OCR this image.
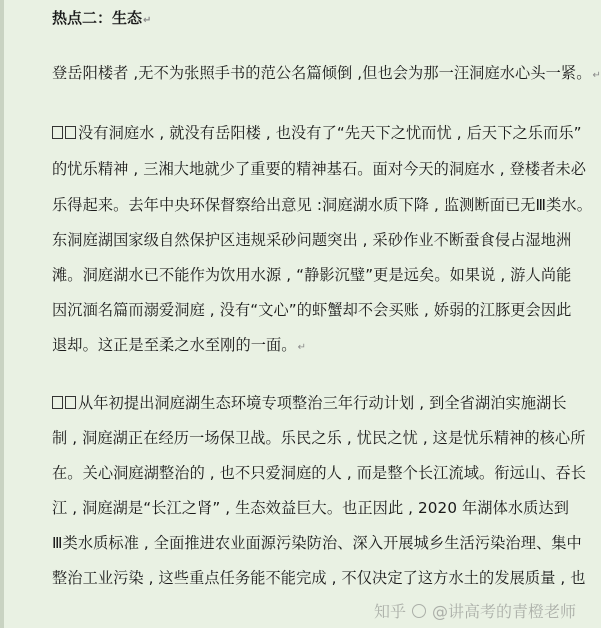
热点二：生态↵
登岳阳楼者 ,无不为张照手书的范公名篇倾倒 ,但也会为那一汪洞庭水心头一紧。↵
没有洞庭水 , 就没有岳阳楼 , 也没有了“先天下之忧而忧 , 后天下之乐而乐”
的忧乐精神 , 三湘大地就少了重要的精神基石。面对今天的洞庭水 , 登楼者未必
乐得起来。去年中央环保督察给出意见 :洞庭湖水质下降 , 监测断面已无Ⅲ类水。
东洞庭湖国家级自然保护区违规采砂问题突出 , 采砂作业不断蚕食侵占湿地洲
滩。洞庭湖水已不能作为饮用水源 , “静影沉璧”更是远矣。如果说 , 游人尚能
因沉湎名篇而溺爱洞庭 , 没有“文心”的虾蟹却不会买账 , 娇弱的江豚更会因此
退却。这正是至柔之水至刚的一面。↵
从年初提出洞庭湖生态环境专项整治三年行动计划 , 到全省湖泊实施湖长
制 , 洞庭湖正在经历一场保卫战。乐民之乐 , 忧民之忧 , 这是忧乐精神的核心所
在。关心洞庭湖整治的 , 也不只爱洞庭的人 , 而是整个长江流域。衔远山、吞长
江 , 洞庭湖是“长江之肾” , 生态效益巨大。也正因此 , 2020 年湖体水质达到
Ⅲ类水质标准 , 全面推进农业面源污染防治、深入开展城乡生活污染治理、集中
整治工业污染 , 这些重点任务能不能完成 , 不仅决定了这方水土的发展质量 , 也
知乎 @讲高考的青橙老师
